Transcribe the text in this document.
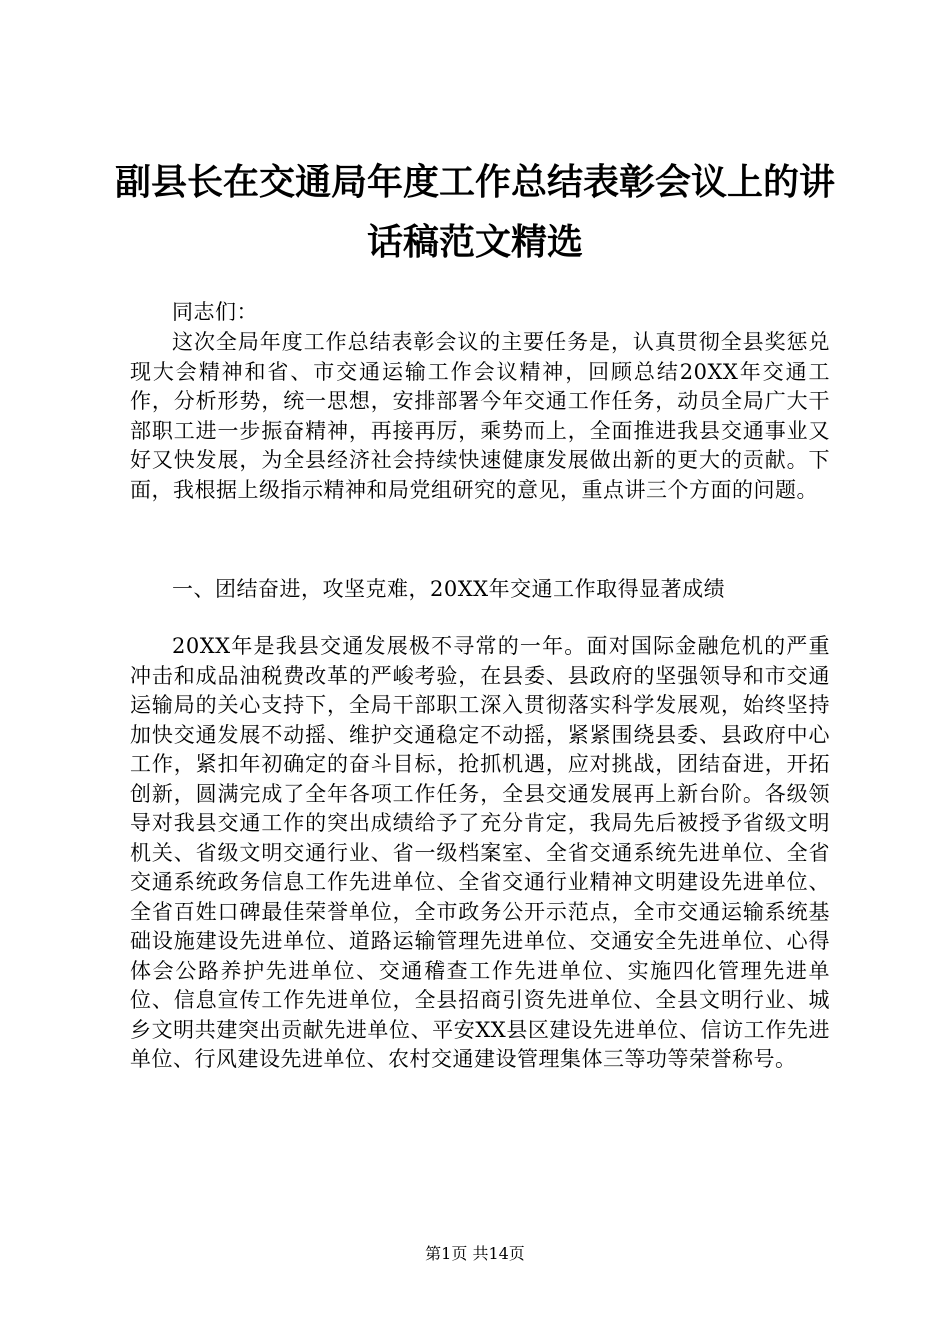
副县长在交通局年度工作总结表彰会议上的讲
话稿范文精选
同志们：
这次全局年度工作总结表彰会议的主要任务是，认真贯彻全县奖惩兑现大会精神和省、市交通运输工作会议精神，回顾总结20XX年交通工作，分析形势，统一思想，安排部署今年交通工作任务，动员全局广大干部职工进一步振奋精神，再接再厉，乘势而上，全面推进我县交通事业又好又快发展，为全县经济社会持续快速健康发展做出新的更大的贡献。下面，我根据上级指示精神和局党组研究的意见，重点讲三个方面的问题。
一、团结奋进，攻坚克难，20XX年交通工作取得显著成绩
20XX年是我县交通发展极不寻常的一年。面对国际金融危机的严重冲击和成品油税费改革的严峻考验，在县委、县政府的坚强领导和市交通运输局的关心支持下，全局干部职工深入贯彻落实科学发展观，始终坚持加快交通发展不动摇、维护交通稳定不动摇，紧紧围绕县委、县政府中心工作，紧扣年初确定的奋斗目标，抢抓机遇，应对挑战，团结奋进，开拓创新，圆满完成了全年各项工作任务，全县交通发展再上新台阶。各级领导对我县交通工作的突出成绩给予了充分肯定，我局先后被授予省级文明机关、省级文明交通行业、省一级档案室、全省交通系统先进单位、全省交通系统政务信息工作先进单位、全省交通行业精神文明建设先进单位、全省百姓口碑最佳荣誉单位，全市政务公开示范点，全市交通运输系统基础设施建设先进单位、道路运输管理先进单位、交通安全先进单位、心得体会公路养护先进单位、交通稽查工作先进单位、实施四化管理先进单位、信息宣传工作先进单位，全县招商引资先进单位、全县文明行业、城乡文明共建突出贡献先进单位、平安XX县区建设先进单位、信访工作先进单位、行风建设先进单位、农村交通建设管理集体三等功等荣誉称号。
第1页 共14页
